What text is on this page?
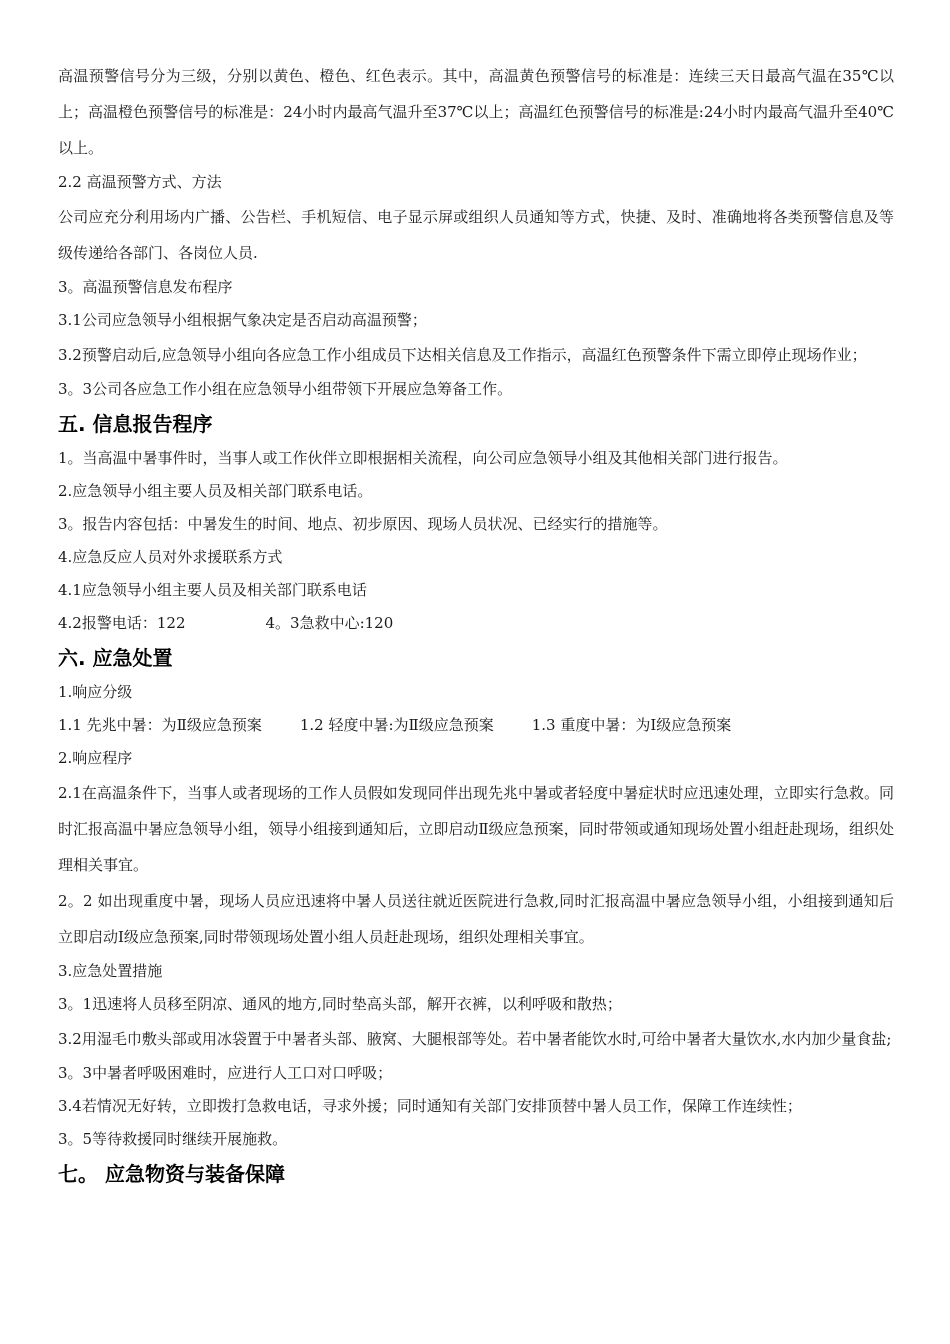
高温预警信号分为三级，分别以黄色、橙色、红色表示。其中，高温黄色预警信号的标准是：连续三天日最高气温在35℃以上；高温橙色预警信号的标准是：24小时内最高气温升至37℃以上；高温红色预警信号的标准是:24小时内最高气温升至40℃以上。

2.2 高温预警方式、方法

公司应充分利用场内广播、公告栏、手机短信、电子显示屏或组织人员通知等方式，快捷、及时、准确地将各类预警信息及等级传递给各部门、各岗位人员.

3。高温预警信息发布程序

3.1公司应急领导小组根据气象决定是否启动高温预警；

3.2预警启动后,应急领导小组向各应急工作小组成员下达相关信息及工作指示，高温红色预警条件下需立即停止现场作业；

3。3公司各应急工作小组在应急领导小组带领下开展应急筹备工作。

五. 信息报告程序

1。当高温中暑事件时，当事人或工作伙伴立即根据相关流程，向公司应急领导小组及其他相关部门进行报告。

2.应急领导小组主要人员及相关部门联系电话。

3。报告内容包括：中暑发生的时间、地点、初步原因、现场人员状况、已经实行的措施等。

4.应急反应人员对外求援联系方式

4.1应急领导小组主要人员及相关部门联系电话

4.2报警电话：122	4。3急救中心:120

六. 应急处置

1.响应分级

1.1 先兆中暑：为Ⅱ级应急预案	1.2 轻度中暑:为Ⅱ级应急预案	1.3 重度中暑：为Ⅰ级应急预案

2.响应程序

2.1在高温条件下，当事人或者现场的工作人员假如发现同伴出现先兆中暑或者轻度中暑症状时应迅速处理，立即实行急救。同时汇报高温中暑应急领导小组，领导小组接到通知后，立即启动Ⅱ级应急预案，同时带领或通知现场处置小组赶赴现场，组织处理相关事宜。

2。2 如出现重度中暑，现场人员应迅速将中暑人员送往就近医院进行急救,同时汇报高温中暑应急领导小组，小组接到通知后立即启动Ⅰ级应急预案,同时带领现场处置小组人员赶赴现场，组织处理相关事宜。

3.应急处置措施

3。1迅速将人员移至阴凉、通风的地方,同时垫高头部，解开衣裤，以利呼吸和散热；

3.2用湿毛巾敷头部或用冰袋置于中暑者头部、腋窝、大腿根部等处。若中暑者能饮水时,可给中暑者大量饮水,水内加少量食盐;

3。3中暑者呼吸困难时，应进行人工口对口呼吸；

3.4若情况无好转，立即拨打急救电话，寻求外援；同时通知有关部门安排顶替中暑人员工作，保障工作连续性；

3。5等待救援同时继续开展施救。

七。 应急物资与装备保障
